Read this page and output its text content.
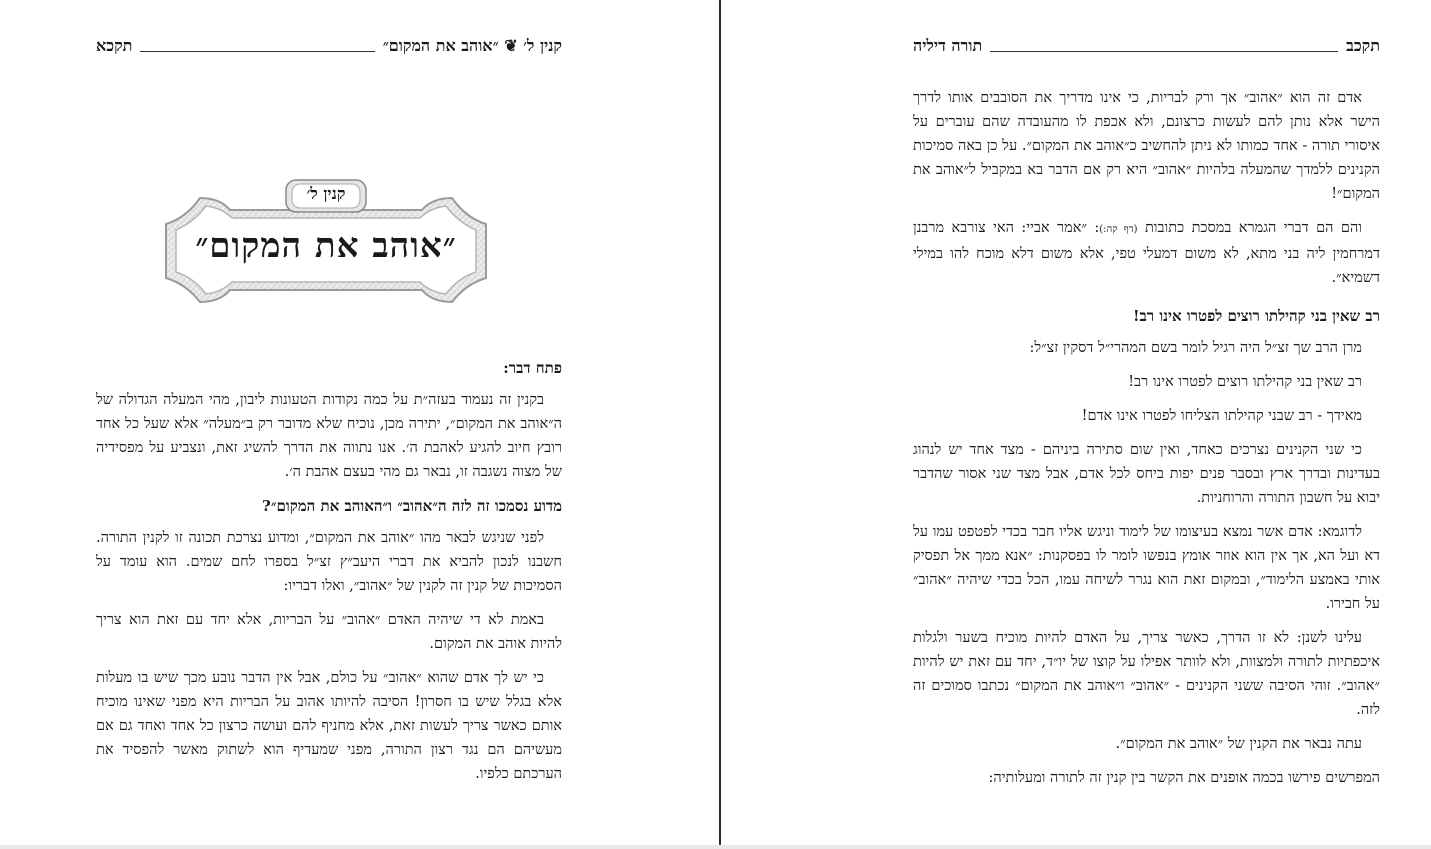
קנין ל׳ ❦ ״אוהב את המקום״
תקכא
קנין ל׳
״אוהב את המקום״
פתח דבר:

בקנין זה נעמוד בעזה״ת על כמה נקודות הטעונות ליבון, מהי המעלה הגדולה של ה״אוהב את המקום״, יתירה מכן, נוכיח שלא מדובר רק ב״מעלה״ אלא שעל כל אחד רובץ חיוב להגיע לאהבת ה׳. אנו נתווה את הדרך להשיג זאת, ונצביע על מפסידיה של מצוה נשגבה זו, נבאר גם מהי בעצם אהבת ה׳.

מדוע נסמכו זה לזה ה״אהוב״ ו״האוהב את המקום״?

לפני שניגש לבאר מהו ״אוהב את המקום״, ומדוע נצרכת תכונה זו לקנין התורה. חשבנו לנכון להביא את דברי היעב״ץ זצ״ל בספרו לחם שמים. הוא עומד על הסמיכות של קנין זה לקנין של ״אהוב״, ואלו דבריו:

באמת לא די שיהיה האדם ״אהוב״ על הבריות, אלא יחד עם זאת הוא צריך להיות אוהב את המקום.

כי יש לך אדם שהוא ״אהוב״ על כולם, אבל אין הדבר נובע מכך שיש בו מעלות אלא בגלל שיש בו חסרון! הסיבה להיותו אהוב על הבריות היא מפני שאינו מוכיח אותם כאשר צריך לעשות זאת, אלא מחניף להם ועושה כרצון כל אחד ואחד גם אם מעשיהם הם נגד רצון התורה, מפני שמעדיף הוא לשתוק מאשר להפסיד את הערכתם כלפיו.

תקכב
תורה דיליה

אדם זה הוא ״אהוב״ אך ורק לבריות, כי אינו מדריך את הסובבים אותו לדרך הישר אלא נותן להם לעשות כרצונם, ולא אכפת לו מהעובדה שהם עוברים על איסורי תורה - אחד כמותו לא ניתן להחשיב כ״אוהב את המקום״. על כן באה סמיכות הקנינים ללמדך שהמעלה בלהיות ״אהוב״ היא רק אם הדבר בא במקביל ל״אוהב את המקום״!

והם הם דברי הגמרא במסכת כתובות (דף קה:): ״אמר אביי: האי צורבא מרבנן דמרחמין ליה בני מתא, לא משום דמעלי טפי, אלא משום דלא מוכח להו במילי דשמיא״.

רב שאין בני קהילתו רוצים לפטרו אינו רב!

מרן הרב שך זצ״ל היה רגיל לומר בשם המהרי״ל דסקין זצ״ל:

רב שאין בני קהילתו רוצים לפטרו אינו רב!

מאידך - רב שבני קהילתו הצליחו לפטרו אינו אדם!

כי שני הקנינים נצרכים כאחד, ואין שום סתירה ביניהם - מצד אחד יש לנהוג בעדינות ובדרך ארץ ובסבר פנים יפות ביחס לכל אדם, אבל מצד שני אסור שהדבר יבוא על חשבון התורה והרוחניות.

לדוגמא: אדם אשר נמצא בעיצומו של לימוד וניגש אליו חבר בכדי לפטפט עמו על דא ועל הא, אך אין הוא אוזר אומץ בנפשו לומר לו בפסקנות: ״אנא ממך אל תפסיק אותי באמצע הלימוד״, ובמקום זאת הוא נגרר לשיחה עמו, הכל בכדי שיהיה ״אהוב״ על חבירו.

עלינו לשנן: לא זו הדרך, כאשר צריך, על האדם להיות מוכיח בשער ולגלות איכפתיות לתורה ולמצוות, ולא לוותר אפילו על קוצו של יו״ד, יחד עם זאת יש להיות ״אהוב״. זוהי הסיבה ששני הקנינים - ״אהוב״ ו״אוהב את המקום״ נכתבו סמוכים זה לזה.

עתה נבאר את הקנין של ״אוהב את המקום״.

המפרשים פירשו בכמה אופנים את הקשר בין קנין זה לתורה ומעלותיה:
